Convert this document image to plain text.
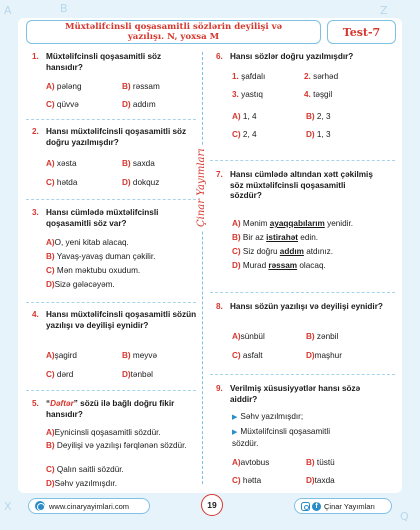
A	B	Z
X
Q
Müxtəlifcinsli qoşasamitli sözlərin deyilişi və
yazılışı. N, yoxsa M	Test-7
Çinar Yayımları
1. Müxtəlifcinsli qoşasamitli söz hansıdır?
A) pələng	B) rəssam
C) qüvvə	D) addım
2. Hansı müxtəlifcinsli qoşasamitli söz doğru yazılmışdır?
A) xəsta	B) saxda
C) hətda	D) dokquz
3. Hansı cümlədə müxtəlifcinsli qoşasamitli söz var?
A)O, yeni kitab alacaq.
B) Yavaş-yavaş duman çəkilir.
C) Mən məktubu oxudum.
D)Sizə gələcəyəm.
4. Hansı müxtəlifcinsli qoşasamitli sözün yazılışı və deyilişi eynidir?
A)şagird	B) meyvə
C) dərd	D)tənbəl
5. “Dəftər” sözü ilə bağlı doğru fikir hansıdır?
A)Eynicinsli qoşasamitli sözdür.
B) Deyilişi və yazılışı fərqlənən sözdür.
C) Qalın saitli sözdür.
D)Səhv yazılmışdır.
6. Hansı sözlər doğru yazılmışdır?
1. şafdalı	2. sərhəd
3. yastıq	4. təşgil
A) 1, 4	B) 2, 3
C) 2, 4	D) 1, 3
7. Hansı cümlədə altından xətt çəkilmiş söz müxtəlifcinsli qoşasamitli sözdür?
A) Mənim ayaqqabılarım yenidir.
B) Bir az istirahət edin.
C) Siz doğru addım atdınız.
D) Murad rəssam olacaq.
8. Hansı sözün yazılışı və deyilişi eynidir?
A)sünbül	B) zənbil
C) asfalt	D)maşhur
9. Verilmiş xüsusiyyətlər hansı sözə aiddir?
▶ Səhv yazılmışdır;
▶ Müxtəlifcinsli qoşasamitli sözdür.
A)avtobus	B) tüstü
C) hətta	D)taxda
www.cinaryayimlari.com	19	f Çinar Yayımları
